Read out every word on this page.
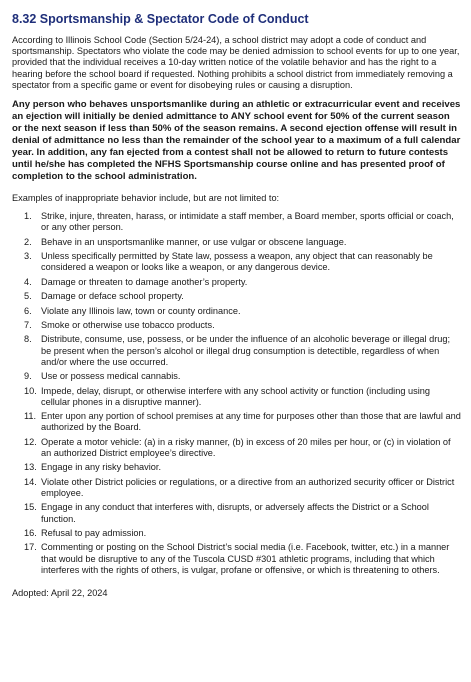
8.32 Sportsmanship & Spectator Code of Conduct

According to Illinois School Code (Section 5/24-24), a school district may adopt a code of conduct and sportsmanship. Spectators who violate the code may be denied admission to school events for up to one year, provided that the individual receives a 10-day written notice of the volatile behavior and has the right to a hearing before the school board if requested. Nothing prohibits a school district from immediately removing a spectator from a specific game or event for disobeying rules or causing a disruption.

Any person who behaves unsportsmanlike during an athletic or extracurricular event and receives an ejection will initially be denied admittance to ANY school event for 50% of the current season or the next season if less than 50% of the season remains. A second ejection offense will result in denial of admittance no less than the remainder of the school year to a maximum of a full calendar year. In addition, any fan ejected from a contest shall not be allowed to return to future contests until he/she has completed the NFHS Sportsmanship course online and has presented proof of completion to the school administration.

Examples of inappropriate behavior include, but are not limited to:

1.	Strike, injure, threaten, harass, or intimidate a staff member, a Board member, sports official or coach, or any other person.
2.	Behave in an unsportsmanlike manner, or use vulgar or obscene language.
3.	Unless specifically permitted by State law, possess a weapon, any object that can reasonably be considered a weapon or looks like a weapon, or any dangerous device.
4.	Damage or threaten to damage another’s property.
5.	Damage or deface school property.
6.	Violate any Illinois law, town or county ordinance.
7.	Smoke or otherwise use tobacco products.
8.	Distribute, consume, use, possess, or be under the influence of an alcoholic beverage or illegal drug; be present when the person’s alcohol or illegal drug consumption is detectible, regardless of when and/or where the use occurred.
9.	Use or possess medical cannabis.
10. Impede, delay, disrupt, or otherwise interfere with any school activity or function (including using cellular phones in a disruptive manner).
11. Enter upon any portion of school premises at any time for purposes other than those that are lawful and authorized by the Board.
12. Operate a motor vehicle: (a) in a risky manner, (b) in excess of 20 miles per hour, or (c) in violation of an authorized District employee’s directive.
13. Engage in any risky behavior.
14. Violate other District policies or regulations, or a directive from an authorized security officer or District employee.
15. Engage in any conduct that interferes with, disrupts, or adversely affects the District or a School function.
16. Refusal to pay admission.
17. Commenting or posting on the School District’s social media (i.e. Facebook, twitter, etc.) in a manner that would be disruptive to any of the Tuscola CUSD #301 athletic programs, including that which interferes with the rights of others, is vulgar, profane or offensive, or which is threatening to others.
Adopted: April 22, 2024
